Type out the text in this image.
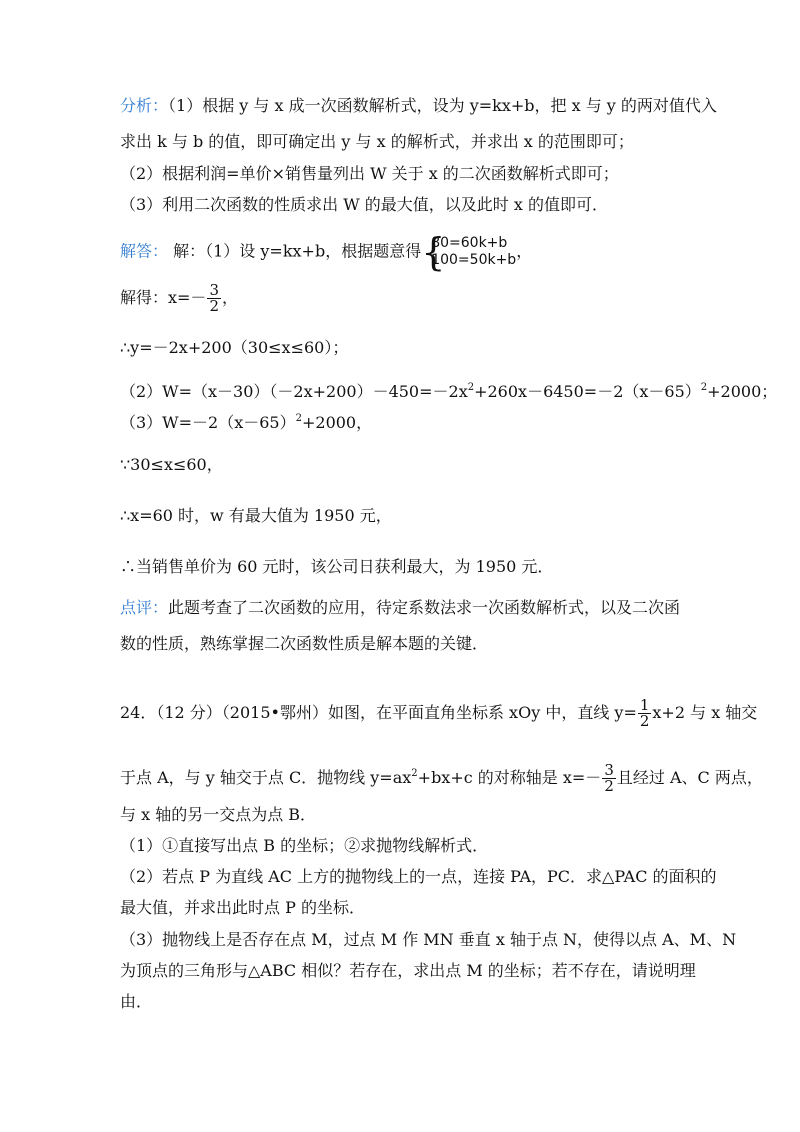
分析：（1）根据 y 与 x 成一次函数解析式，设为 y=kx+b，把 x 与 y 的两对值代入
求出 k 与 b 的值，即可确定出 y 与 x 的解析式，并求出 x 的范围即可；
（2）根据利润=单价×销售量列出 W 关于 x 的二次函数解析式即可；
（3）利用二次函数的性质求出 W 的最大值，以及此时 x 的值即可．
解答： 解：（1）设 y=kx+b，根据题意得 {
80=60k+b
100=50k+b ，
解得：$x=- \frac{3}{2}$ ，
∴y=－2x+200（30≤x≤60）；
$(2)W=(x-30)(-2x+200)-450=-2x^2+260x-6450=-2(x-65)^2+2000$；
$(3)W=-2(x-65)^2+2000$，
∵30≤x≤60，
∴x=60 时，w 有最大值为 1950 元，
∴当销售单价为 60 元时，该公司日获利最大，为 1950 元．
点评：此题考查了二次函数的应用，待定系数法求一次函数解析式，以及二次函
数的性质，熟练掌握二次函数性质是解本题的关键．
24．（12 分）（2015•鄂州）如图，在平面直角坐标系 xOy 中，直线 $y= \frac{1}{2} x+2$ 与 x 轴交
于点 A，与 y 轴交于点 C．抛物线 $y=ax^2+bx+c$ 的对称轴是 $x=- \frac{3}{2}$ 且经过 A、C 两点，
与 x 轴的另一交点为点 B．
（1）①直接写出点 B 的坐标；②求抛物线解析式．
（2）若点 P 为直线 AC 上方的抛物线上的一点，连接 PA，PC．求△PAC 的面积的
最大值，并求出此时点 P 的坐标．
（3）抛物线上是否存在点 M，过点 M 作 MN 垂直 x 轴于点 N，使得以点 A、M、N
为顶点的三角形与△ABC 相似？若存在，求出点 M 的坐标；若不存在，请说明理
由．
